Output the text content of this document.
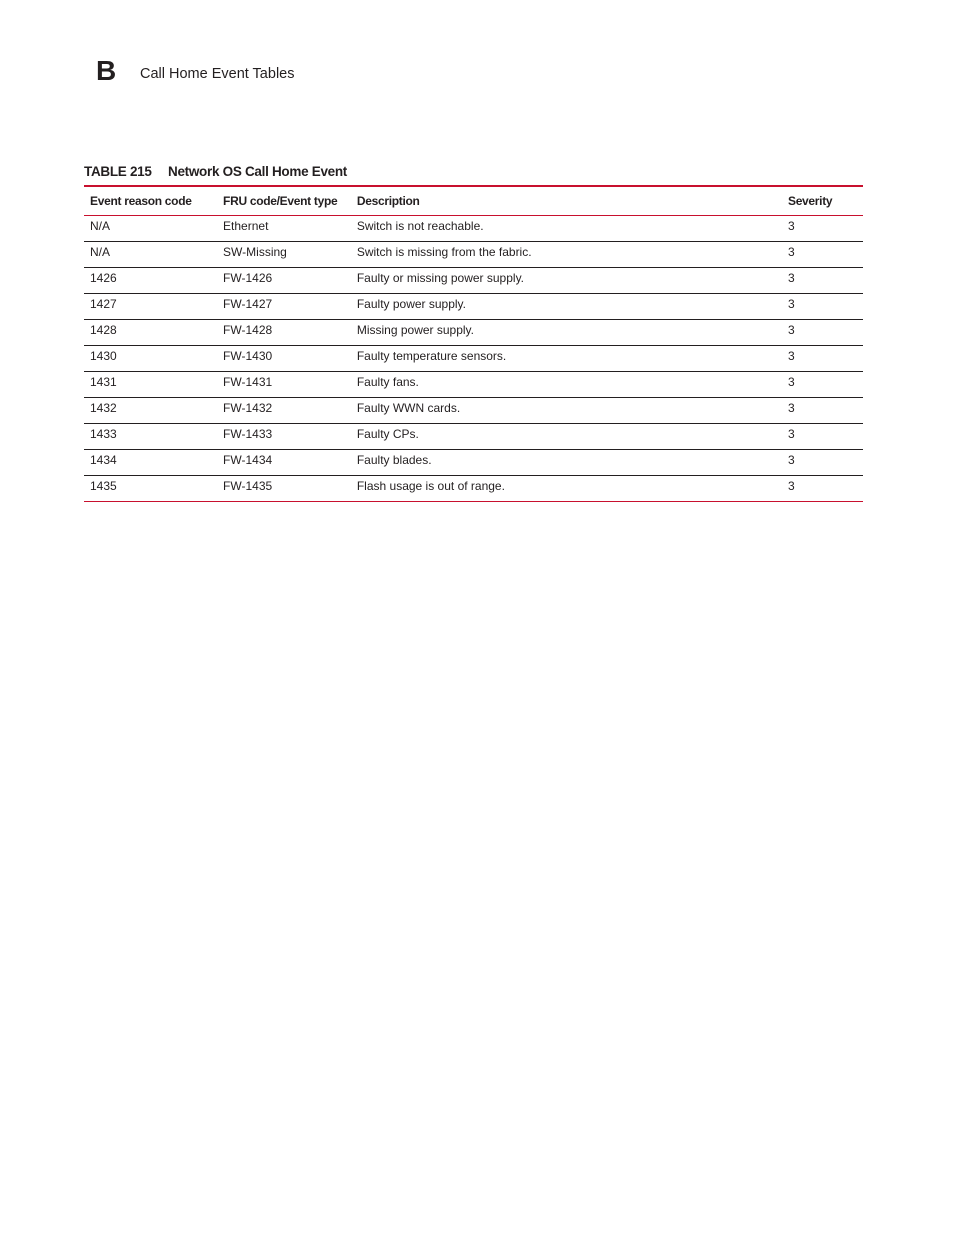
B Call Home Event Tables
TABLE 215 Network OS Call Home Event
Event reason code	FRU code/Event type	Description	Severity
N/A	Ethernet	Switch is not reachable.	3
N/A	SW-Missing	Switch is missing from the fabric.	3
1426	FW-1426	Faulty or missing power supply.	3
1427	FW-1427	Faulty power supply.	3
1428	FW-1428	Missing power supply.	3
1430	FW-1430	Faulty temperature sensors.	3
1431	FW-1431	Faulty fans.	3
1432	FW-1432	Faulty WWN cards.	3
1433	FW-1433	Faulty CPs.	3
1434	FW-1434	Faulty blades.	3
1435	FW-1435	Flash usage is out of range.	3
